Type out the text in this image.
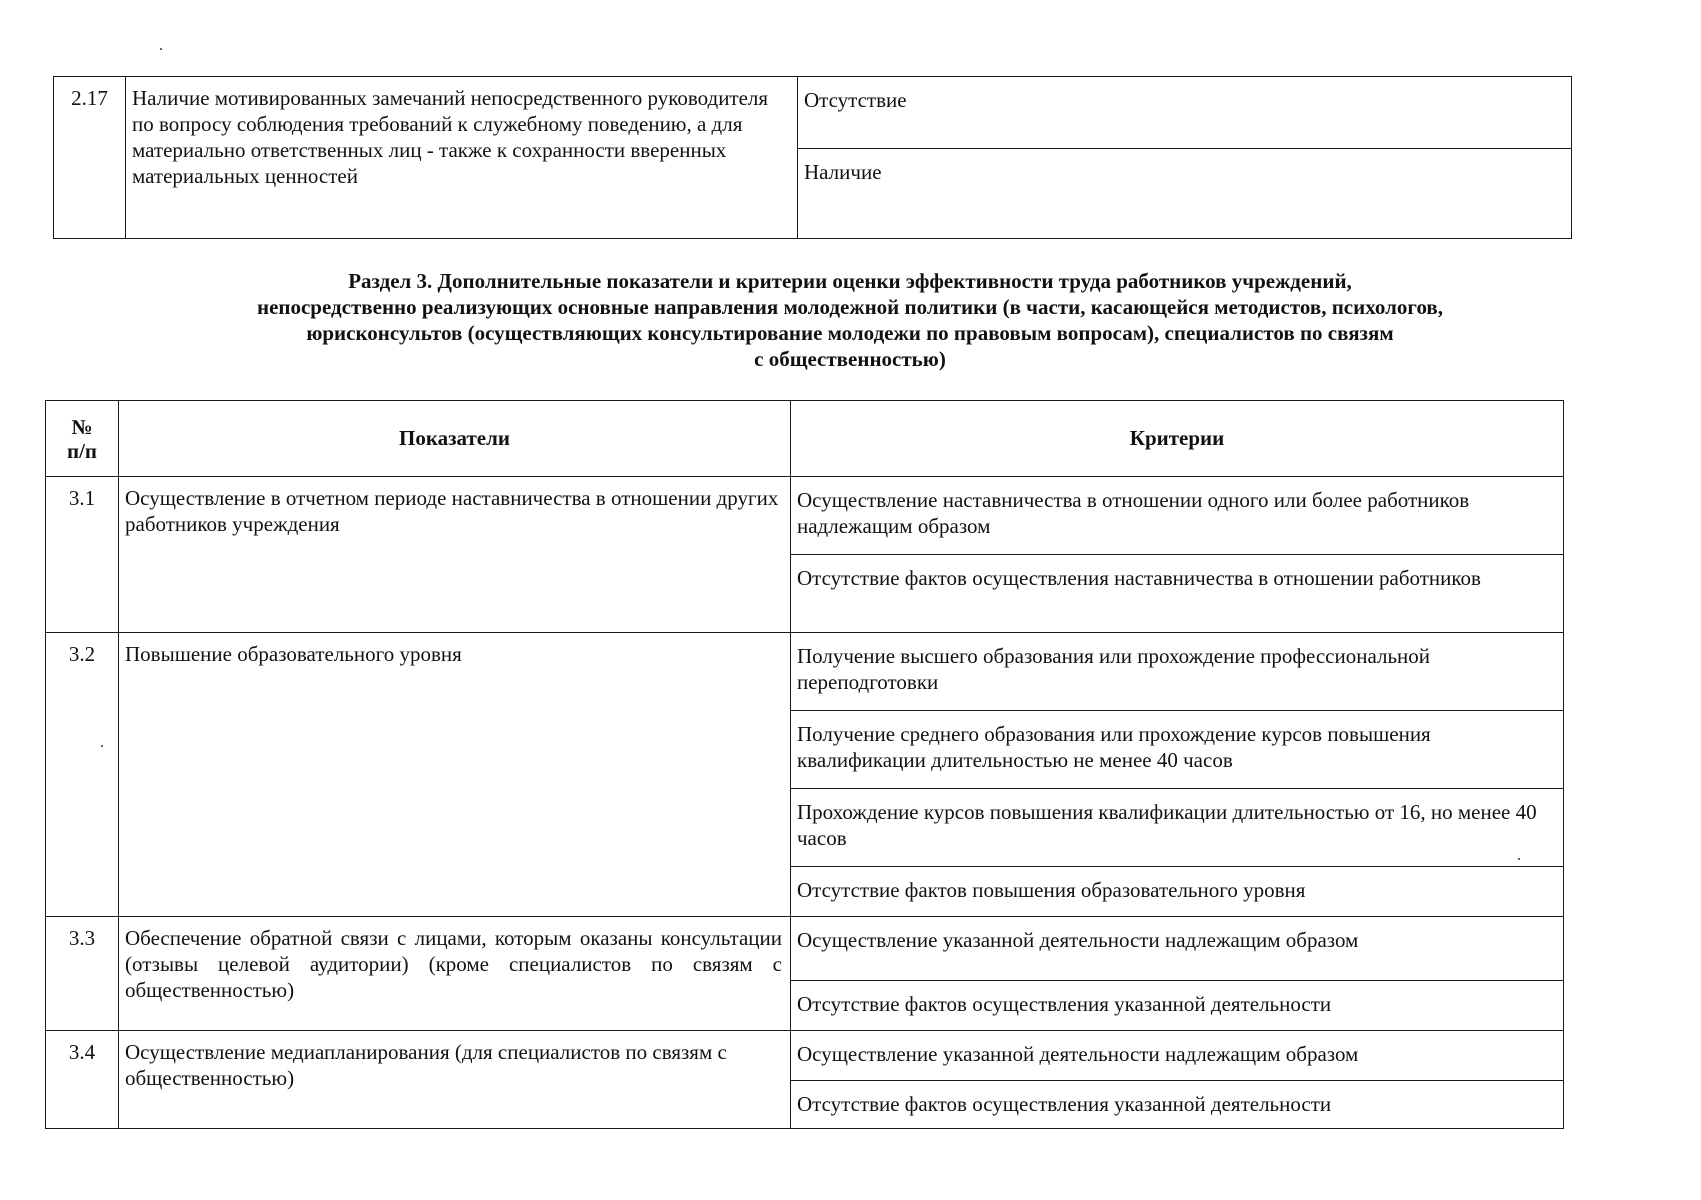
2.17	Наличие мотивированных замечаний непосредственного руководителя по вопросу соблюдения требований к служебному поведению, а для материально ответственных лиц - также к сохранности вверенных материальных ценностей	Отсутствие
Наличие
Раздел 3. Дополнительные показатели и критерии оценки эффективности труда работников учреждений,
непосредственно реализующих основные направления молодежной политики (в части, касающейся методистов, психологов,
юрисконсультов (осуществляющих консультирование молодежи по правовым вопросам), специалистов по связям
с общественностью)
№
п/п	Показатели	Критерии
3.1	Осуществление в отчетном периоде наставничества в отношении других работников учреждения	Осуществление наставничества в отношении одного или более работников надлежащим образом
		Отсутствие фактов осуществления наставничества в отношении работников
3.2	Повышение образовательного уровня	Получение высшего образования или прохождение профессиональной переподготовки
		Получение среднего образования или прохождение курсов повышения квалификации длительностью не менее 40 часов
		Прохождение курсов повышения квалификации длительностью от 16, но менее 40 часов
		Отсутствие фактов повышения образовательного уровня
3.3	Обеспечение обратной связи с лицами, которым оказаны консультации (отзывы целевой аудитории) (кроме специалистов по связям с общественностью)	Осуществление указанной деятельности надлежащим образом
		Отсутствие фактов осуществления указанной деятельности
3.4	Осуществление медиапланирования (для специалистов по связям с общественностью)	Осуществление указанной деятельности надлежащим образом
		Отсутствие фактов осуществления указанной деятельности
